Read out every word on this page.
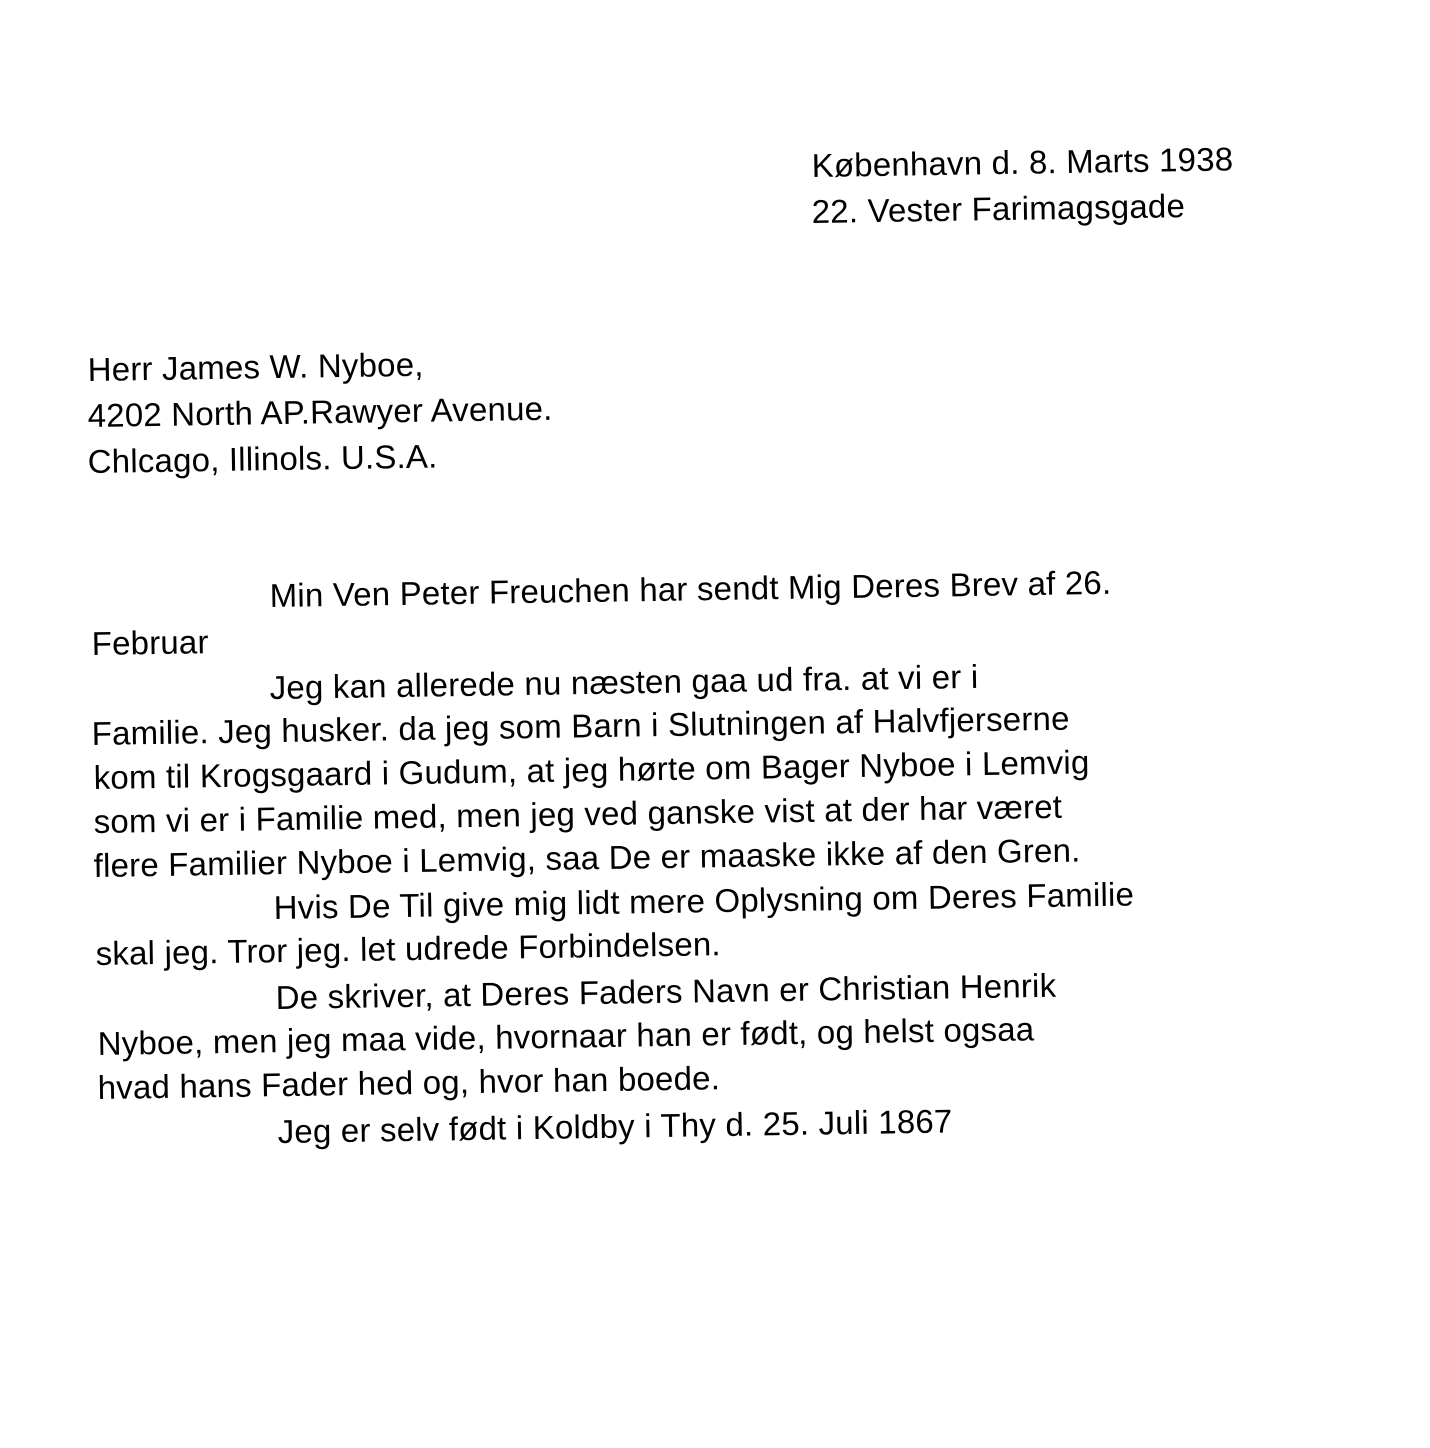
København d. 8. Marts 1938
22. Vester Farimagsgade
Herr James W. Nyboe,
4202 North AP.Rawyer Avenue.
Chlcago, Illinols. U.S.A.
Min Ven Peter Freuchen har sendt Mig Deres Brev af 26.
Februar
Jeg kan allerede nu næsten gaa ud fra. at vi er i
Familie. Jeg husker. da jeg som Barn i Slutningen af Halvfjerserne
kom til Krogsgaard i Gudum, at jeg hørte om Bager Nyboe i Lemvig
som vi er i Familie med, men jeg ved ganske vist at der har været
flere Familier Nyboe i Lemvig, saa De er maaske ikke af den Gren.
Hvis De Til give mig lidt mere Oplysning om Deres Familie
skal jeg. Tror jeg. let udrede Forbindelsen.
De skriver, at Deres Faders Navn er Christian Henrik
Nyboe, men jeg maa vide, hvornaar han er født, og helst ogsaa
hvad hans Fader hed og, hvor han boede.
Jeg er selv født i Koldby i Thy d. 25. Juli 1867
